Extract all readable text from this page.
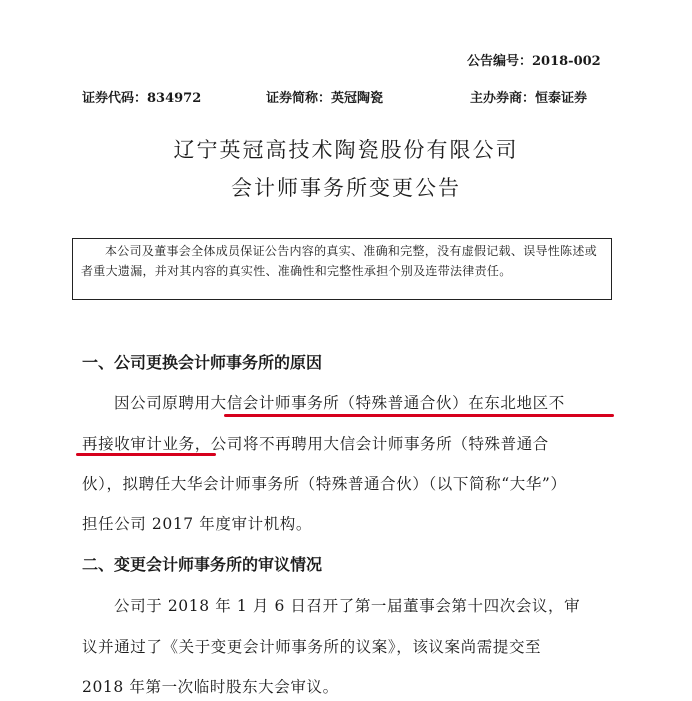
公告编号：2018-002
证券代码：834972	证券简称：英冠陶瓷	主办券商：恒泰证券
辽宁英冠高技术陶瓷股份有限公司
会计师事务所变更公告
本公司及董事会全体成员保证公告内容的真实、准确和完整，没有虚假记载、误导性陈述或者重大遗漏，并对其内容的真实性、准确性和完整性承担个别及连带法律责任。
一、公司更换会计师事务所的原因
因公司原聘用大信会计师事务所（特殊普通合伙）在东北地区不
再接收审计业务，公司将不再聘用大信会计师事务所（特殊普通合
伙），拟聘任大华会计师事务所（特殊普通合伙）（以下简称“大华”）
担任公司 2017 年度审计机构。
二、变更会计师事务所的审议情况
公司于 2018 年 1 月 6 日召开了第一届董事会第十四次会议，审
议并通过了《关于变更会计师事务所的议案》，该议案尚需提交至
2018 年第一次临时股东大会审议。
